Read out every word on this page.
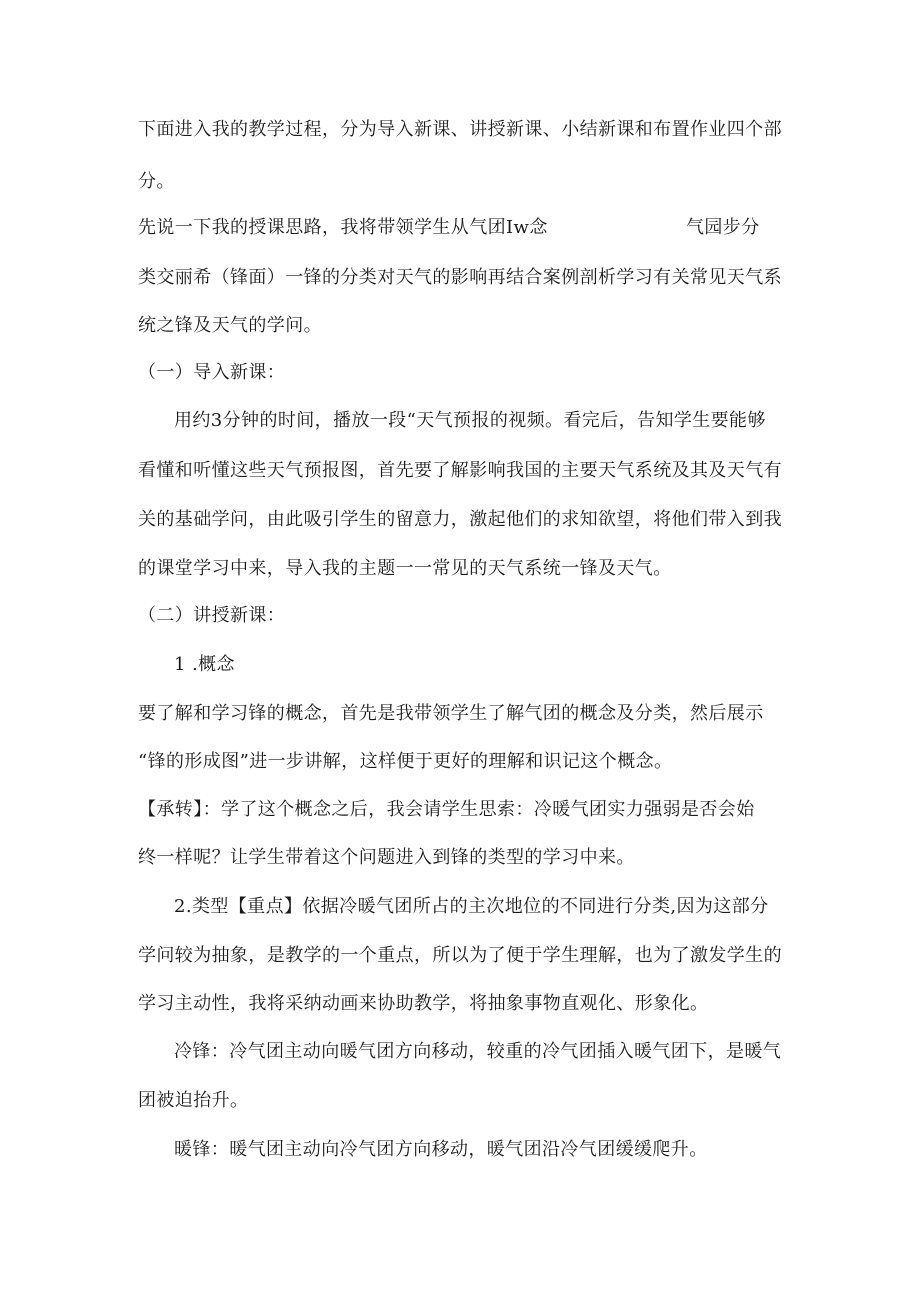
下面进入我的教学过程，分为导入新课、讲授新课、小结新课和布置作业四个部
分。
先说一下我的授课思路，我将带领学生从气团Iw念	气园步分
类交丽希（锋面）一锋的分类对天气的影响再结合案例剖析学习有关常见天气系
统之锋及天气的学问。
（一）导入新课：
用约3分钟的时间，播放一段“天气预报的视频。看完后，告知学生要能够
看懂和听懂这些天气预报图，首先要了解影响我国的主要天气系统及其及天气有
关的基础学问，由此吸引学生的留意力，激起他们的求知欲望，将他们带入到我
的课堂学习中来，导入我的主题一一常见的天气系统一锋及天气。
（二）讲授新课：
1 .概念
要了解和学习锋的概念，首先是我带领学生了解气团的概念及分类，然后展示
“锋的形成图”进一步讲解，这样便于更好的理解和识记这个概念。
【承转】：学了这个概念之后，我会请学生思索：冷暖气团实力强弱是否会始
终一样呢？让学生带着这个问题进入到锋的类型的学习中来。
2.类型【重点】依据冷暖气团所占的主次地位的不同进行分类,因为这部分
学问较为抽象，是教学的一个重点，所以为了便于学生理解，也为了激发学生的
学习主动性，我将采纳动画来协助教学，将抽象事物直观化、形象化。
冷锋：冷气团主动向暖气团方向移动，较重的冷气团插入暖气团下，是暖气
团被迫抬升。
暖锋：暖气团主动向冷气团方向移动，暖气团沿冷气团缓缓爬升。
